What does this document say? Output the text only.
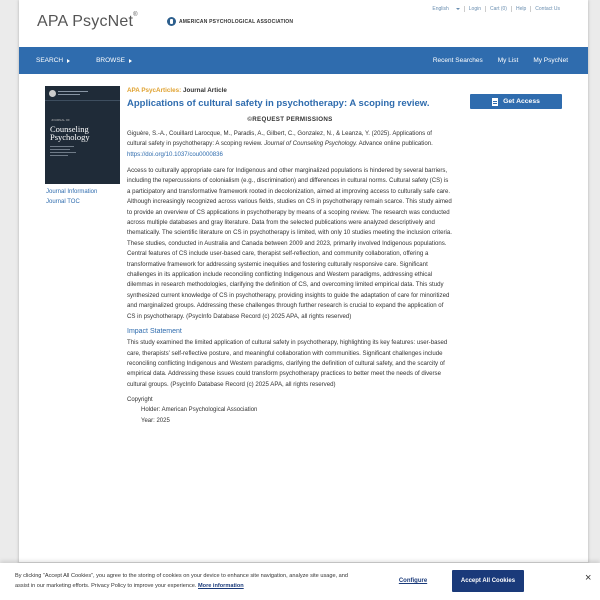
APA PsycNet®
AMERICAN PSYCHOLOGICAL ASSOCIATION
English	Login	Cart (0)	Help	Contact Us
SEARCH	BROWSE	Recent Searches My List My PsycNet
JOURNAL OF
Counseling
Psychology
Journal Information
Journal TOC
APA PsycArticles: Journal Article
Applications of cultural safety in psychotherapy: A scoping review.
©REQUEST PERMISSIONS
Giguère, S.-A., Couillard Larocque, M., Paradis, A., Gilbert, C., Gonzalez, N., & Leanza, Y. (2025). Applications of cultural safety in psychotherapy: A scoping review. Journal of Counseling Psychology. Advance online publication. https://doi.org/10.1037/cou0000836
Access to culturally appropriate care for Indigenous and other marginalized populations is hindered by several barriers, including the repercussions of colonialism (e.g., discrimination) and differences in cultural norms. Cultural safety (CS) is a participatory and transformative framework rooted in decolonization, aimed at improving access to culturally safe care. Although increasingly recognized across various fields, studies on CS in psychotherapy remain scarce. This study aimed to provide an overview of CS applications in psychotherapy by means of a scoping review. The research was conducted across multiple databases and gray literature. Data from the selected publications were analyzed descriptively and thematically. The scientific literature on CS in psychotherapy is limited, with only 10 studies meeting the inclusion criteria. These studies, conducted in Australia and Canada between 2009 and 2023, primarily involved Indigenous populations. Central features of CS include user-based care, therapist self-reflection, and community collaboration, offering a transformative framework for addressing systemic inequities and fostering culturally responsive care. Significant challenges in its application include reconciling conflicting Indigenous and Western paradigms, addressing ethical dilemmas in research methodologies, clarifying the definition of CS, and overcoming limited empirical data. This study synthesized current knowledge of CS in psychotherapy, providing insights to guide the adaptation of care for minoritized and marginalized groups. Addressing these challenges through further research is crucial to expand the application of CS in psychotherapy. (PsycInfo Database Record (c) 2025 APA, all rights reserved)
Impact Statement
This study examined the limited application of cultural safety in psychotherapy, highlighting its key features: user-based care, therapists' self-reflective posture, and meaningful collaboration with communities. Significant challenges include reconciling conflicting Indigenous and Western paradigms, clarifying the definition of cultural safety, and the scarcity of empirical data. Addressing these issues could transform psychotherapy practices to better meet the needs of diverse cultural groups. (PsycInfo Database Record (c) 2025 APA, all rights reserved)
Copyright
Holder: American Psychological Association
Year: 2025
Get Access
By clicking “Accept All Cookies”, you agree to the storing of cookies on your device to enhance site navigation, analyze site usage, and assist in our marketing efforts. Privacy Policy to improve your experience. More information
Configure	Accept All Cookies	×
